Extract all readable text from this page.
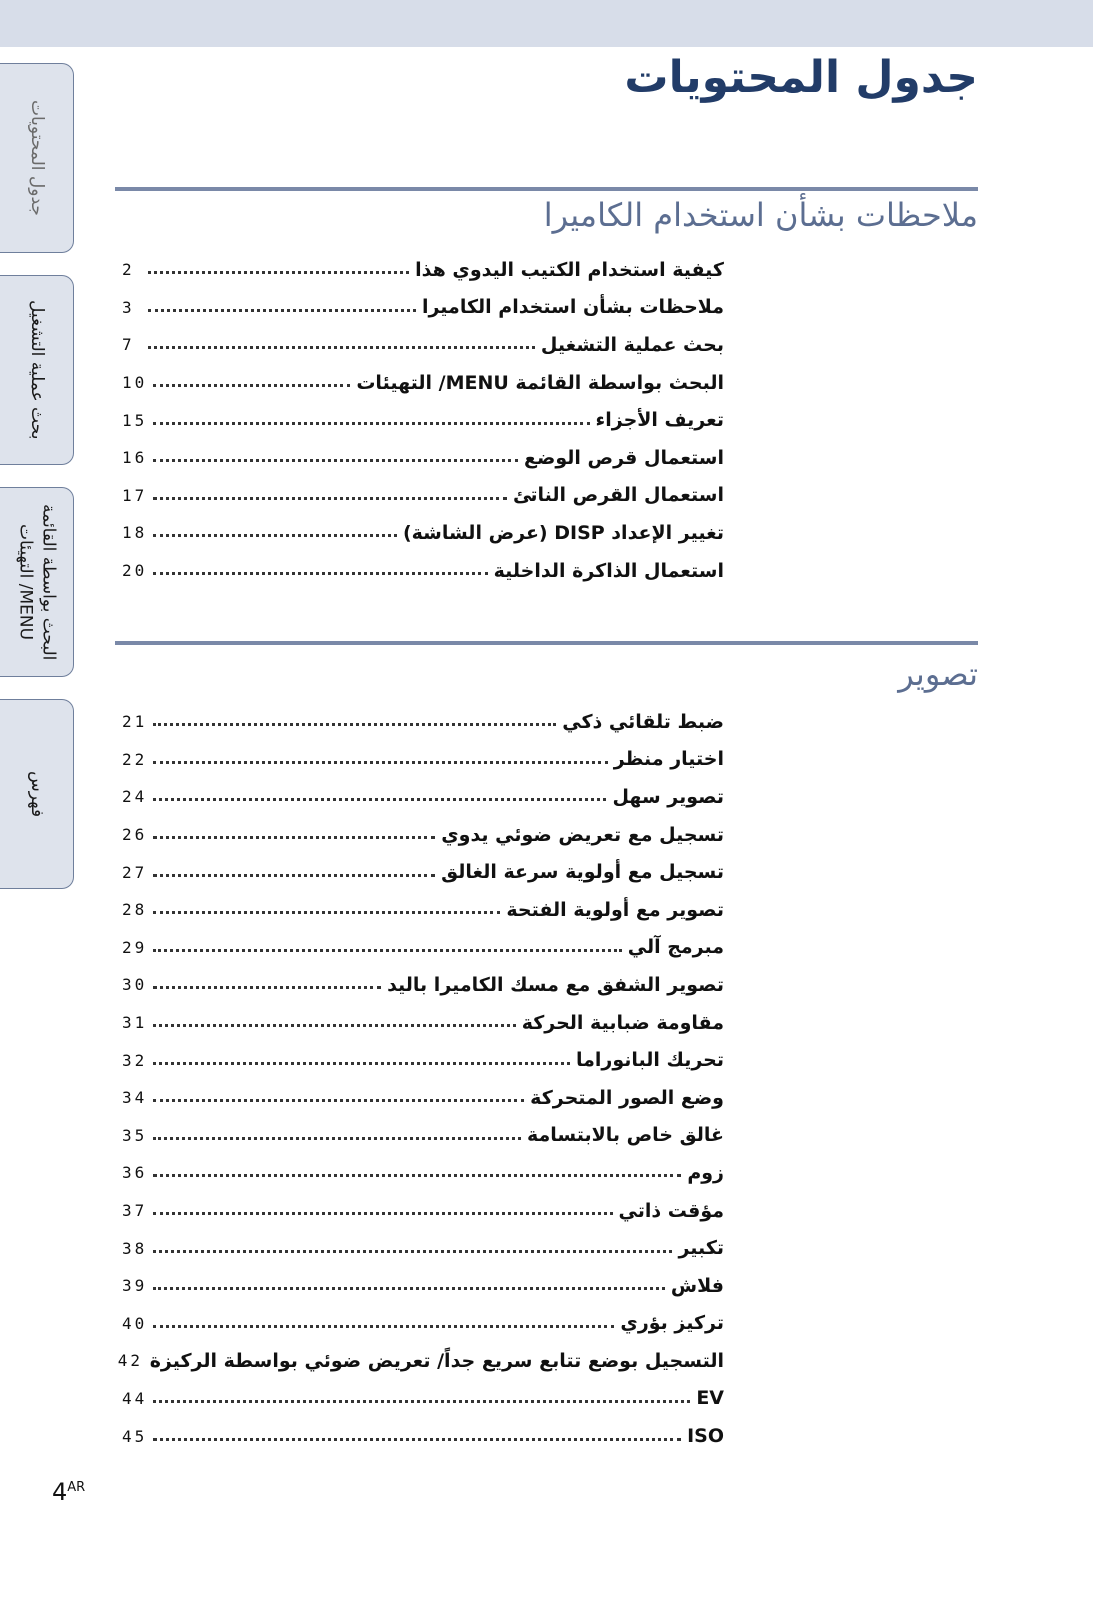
جدول المحتويات
بحث عملية التشغيل
البحث بواسطة القائمة
MENU/ التهيئات
فهرس
جدول المحتويات
ملاحظات بشأن استخدام الكاميرا
كيفية استخدام الكتيب اليدوي هذا
2
ملاحظات بشأن استخدام الكاميرا
3
بحث عملية التشغيل
7
البحث بواسطة القائمة MENU/ التهيئات
10
تعريف الأجزاء
15
استعمال قرص الوضع
16
استعمال القرص الناتئ
17
تغيير الإعداد DISP (عرض الشاشة)
18
استعمال الذاكرة الداخلية
20
تصوير
ضبط تلقائي ذكي
21
اختيار منظر
22
تصوير سهل
24
تسجيل مع تعريض ضوئي يدوي
26
تسجيل مع أولوية سرعة الغالق
27
تصوير مع أولوية الفتحة
28
مبرمج آلي
29
تصوير الشفق مع مسك الكاميرا باليد
30
مقاومة ضبابية الحركة
31
تحريك البانوراما
32
وضع الصور المتحركة
34
غالق خاص بالابتسامة
35
زوم
36
مؤقت ذاتي
37
تكبير
38
فلاش
39
تركيز بؤري
40
التسجيل بوضع تتابع سريع جداً/ تعريض ضوئي بواسطة الركيزة
42
EV
44
ISO
45
$4^{AR}$
